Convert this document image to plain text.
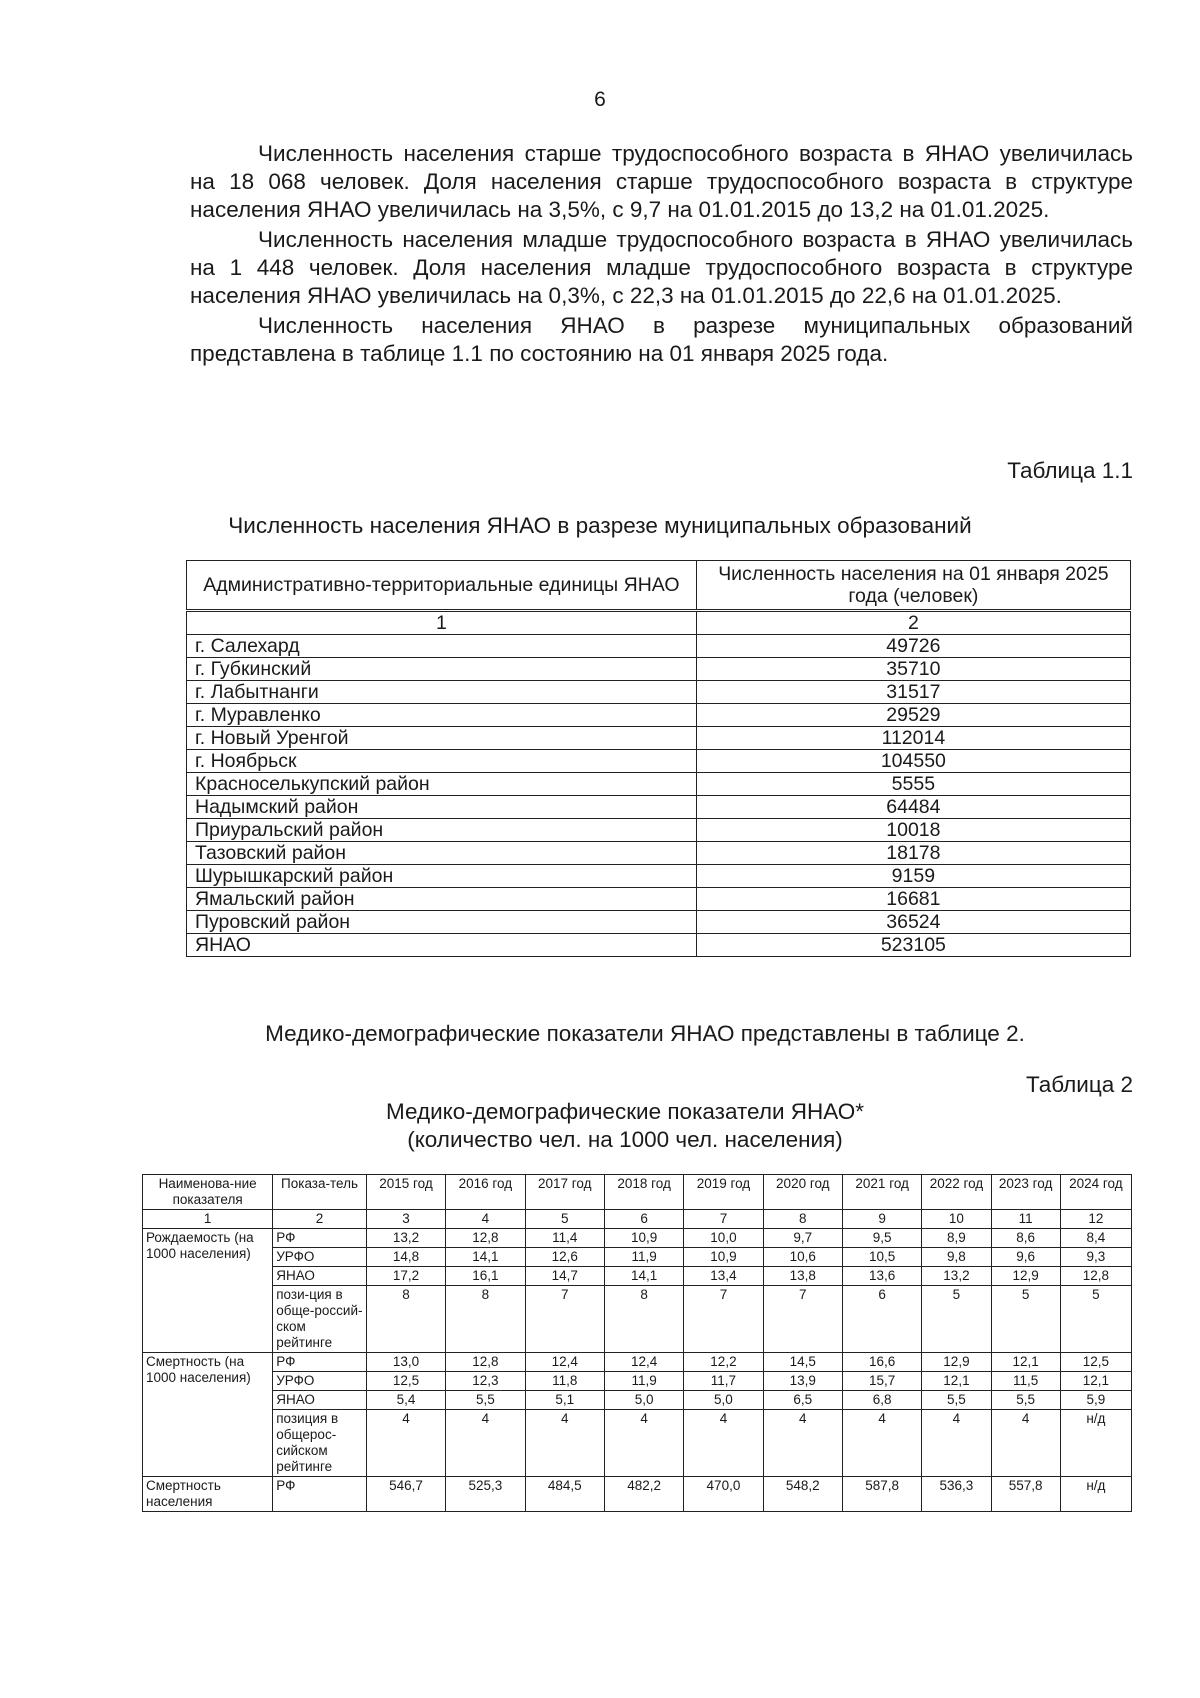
6

Численность населения старше трудоспособного возраста в ЯНАО увеличилась на 18 068 человек. Доля населения старше трудоспособного возраста в структуре населения ЯНАО увеличилась на 3,5%, с 9,7 на 01.01.2015 до 13,2 на 01.01.2025.

Численность населения младше трудоспособного возраста в ЯНАО увеличилась на 1 448 человек. Доля населения младше трудоспособного возраста в структуре населения ЯНАО увеличилась на 0,3%, с 22,3 на 01.01.2015 до 22,6 на 01.01.2025.

Численность населения ЯНАО в разрезе муниципальных образований представлена в таблице 1.1 по состоянию на 01 января 2025 года.

Таблица 1.1
Численность населения ЯНАО в разрезе муниципальных образований
Административно-территориальные единицы ЯНАО	Численность населения на 01 января 2025 года (человек)
1	2
г. Салехард	49726
г. Губкинский	35710
г. Лабытнанги	31517
г. Муравленко	29529
г. Новый Уренгой	112014
г. Ноябрьск	104550
Красноселькупский район	5555
Надымский район	64484
Приуральский район	10018
Тазовский район	18178
Шурышкарский район	9159
Ямальский район	16681
Пуровский район	36524
ЯНАО	523105
Медико-демографические показатели ЯНАО представлены в таблице 2.
Таблица 2
Медико-демографические показатели ЯНАО*
(количество чел. на 1000 чел. населения)
Наименова-ние показателя	Показа-тель	2015 год	2016 год	2017 год	2018 год	2019 год	2020 год	2021 год	2022 год	2023 год	2024 год
1	2	3	4	5	6	7	8	9	10	11	12
Рождаемость (на 1000 населения)	РФ	13,2	12,8	11,4	10,9	10,0	9,7	9,5	8,9	8,6	8,4
	УРФО	14,8	14,1	12,6	11,9	10,9	10,6	10,5	9,8	9,6	9,3
	ЯНАО	17,2	16,1	14,7	14,1	13,4	13,8	13,6	13,2	12,9	12,8
	пози-ция в обще-россий-ском рейтинге	8	8	7	8	7	7	6	5	5	5
Смертность (на 1000 населения)	РФ	13,0	12,8	12,4	12,4	12,2	14,5	16,6	12,9	12,1	12,5
	УРФО	12,5	12,3	11,8	11,9	11,7	13,9	15,7	12,1	11,5	12,1
	ЯНАО	5,4	5,5	5,1	5,0	5,0	6,5	6,8	5,5	5,5	5,9
	позиция в общерос-сийском рейтинге	4	4	4	4	4	4	4	4	4	н/д
Смертность населения	РФ	546,7	525,3	484,5	482,2	470,0	548,2	587,8	536,3	557,8	н/д
